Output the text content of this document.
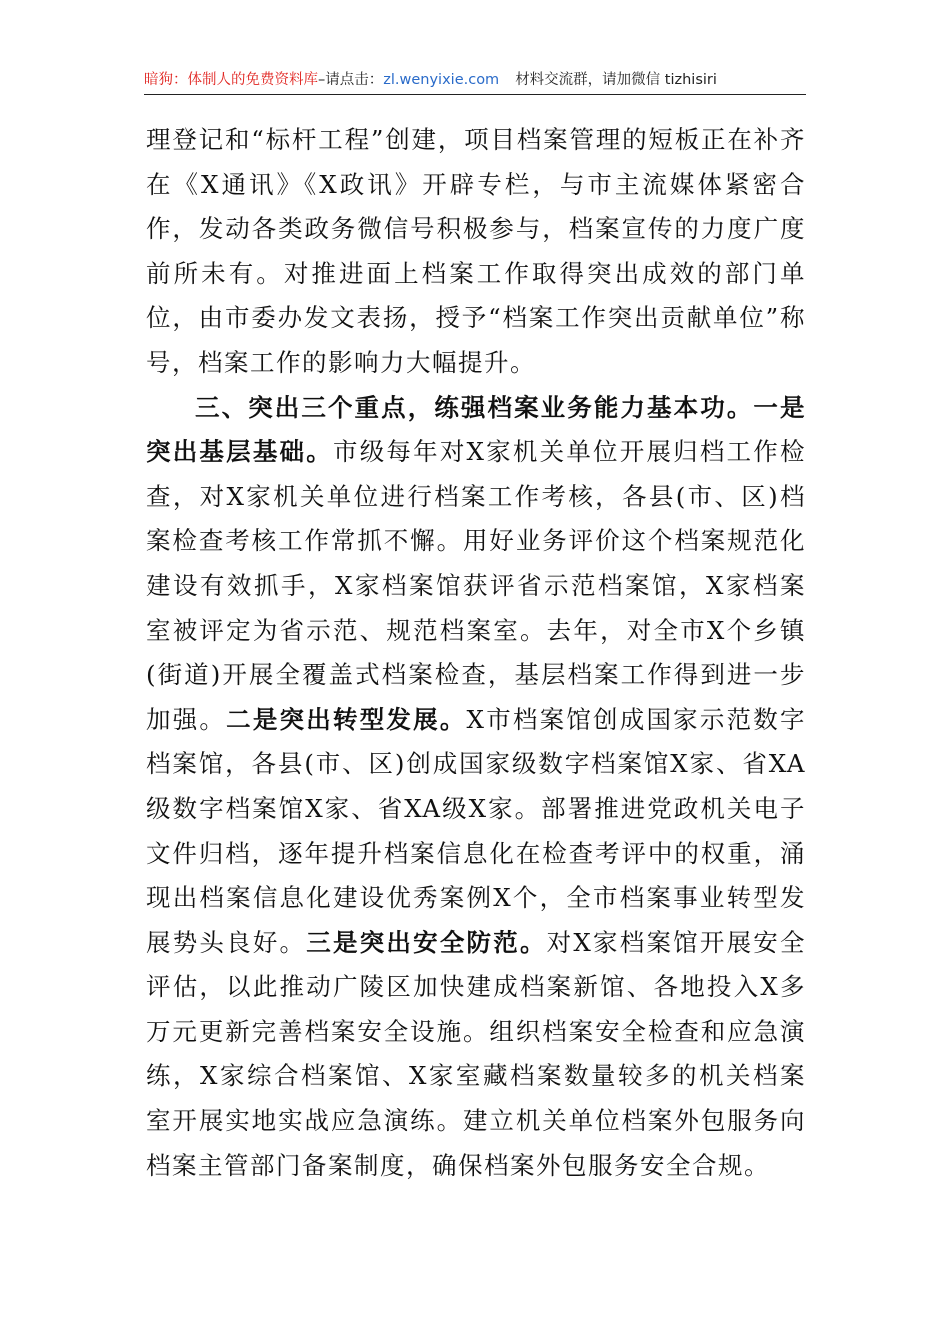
暗狗：体制人的免费资料库–请点击：zl.wenyixie.com 材料交流群，请加微信 tizhisiri

理登记和“标杆工程”创建，项目档案管理的短板正在补齐在《X通讯》《X政讯》开辟专栏，与市主流媒体紧密合作，发动各类政务微信号积极参与，档案宣传的力度广度前所未有。对推进面上档案工作取得突出成效的部门单位，由市委办发文表扬，授予“档案工作突出贡献单位”称号，档案工作的影响力大幅提升。

三、突出三个重点，练强档案业务能力基本功。一是突出基层基础。市级每年对X家机关单位开展归档工作检查，对X家机关单位进行档案工作考核，各县(市、区)档案检查考核工作常抓不懈。用好业务评价这个档案规范化建设有效抓手，X家档案馆获评省示范档案馆，X家档案室被评定为省示范、规范档案室。去年，对全市X个乡镇(街道)开展全覆盖式档案检查，基层档案工作得到进一步加强。二是突出转型发展。X市档案馆创成国家示范数字档案馆，各县(市、区)创成国家级数字档案馆X家、省XA级数字档案馆X家、省XA级X家。部署推进党政机关电子文件归档，逐年提升档案信息化在检查考评中的权重，涌现出档案信息化建设优秀案例X个，全市档案事业转型发展势头良好。三是突出安全防范。对X家档案馆开展安全评估，以此推动广陵区加快建成档案新馆、各地投入X多万元更新完善档案安全设施。组织档案安全检查和应急演练，X家综合档案馆、X家室藏档案数量较多的机关档案室开展实地实战应急演练。建立机关单位档案外包服务向档案主管部门备案制度，确保档案外包服务安全合规。
